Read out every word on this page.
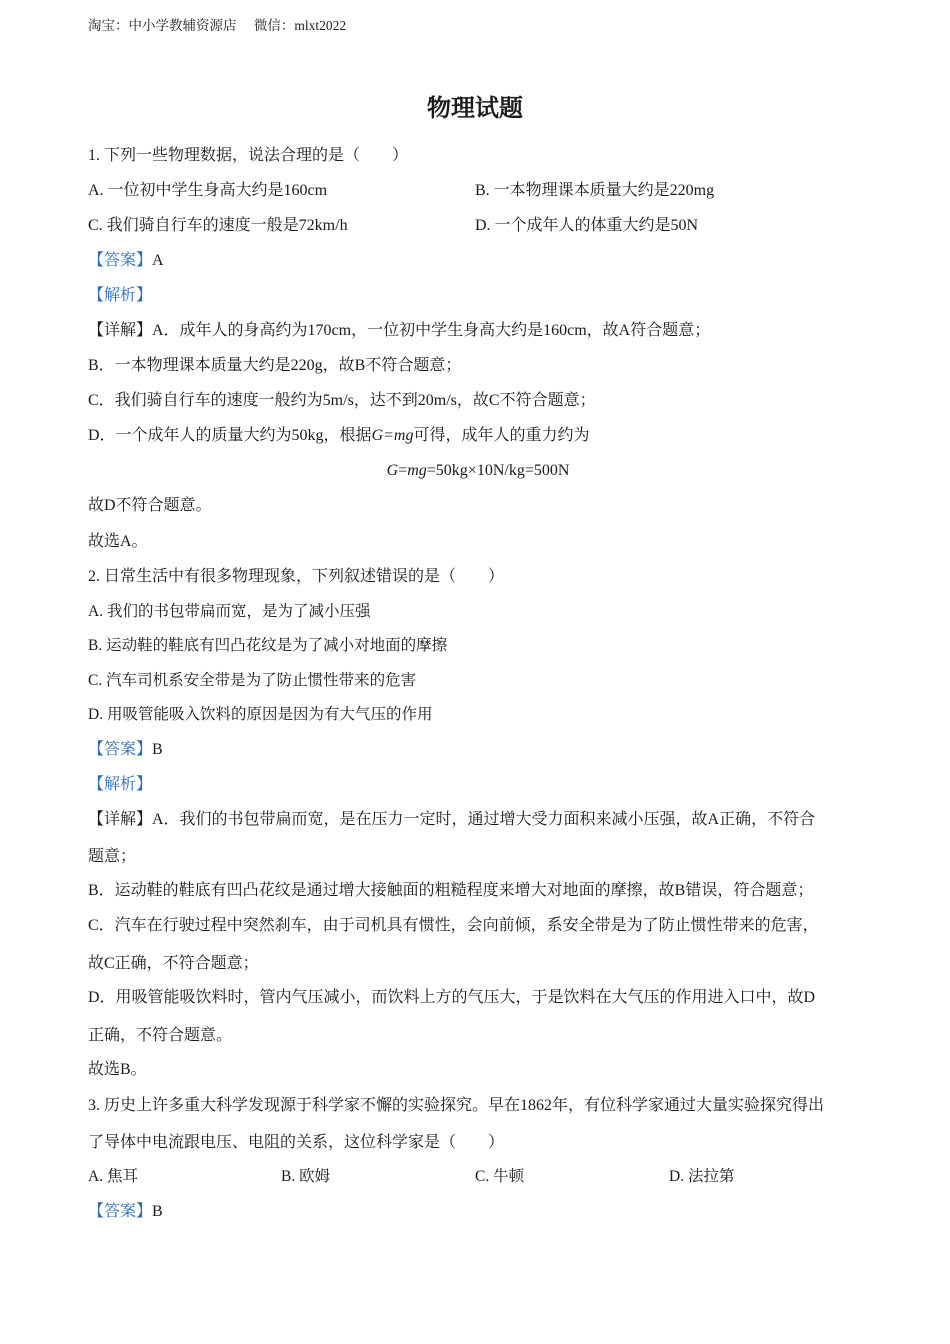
淘宝：中小学教辅资源店 微信：mlxt2022
物理试题
1. 下列一些物理数据，说法合理的是（　　）
A. 一位初中学生身高大约是160cm	B. 一本物理课本质量大约是220mg
C. 我们骑自行车的速度一般是72km/h	D. 一个成年人的体重大约是50N
【答案】A
【解析】
【详解】A．成年人的身高约为170cm，一位初中学生身高大约是160cm，故A符合题意；
B．一本物理课本质量大约是220g，故B不符合题意；
C．我们骑自行车的速度一般约为5m/s，达不到20m/s，故C不符合题意；
D．一个成年人的质量大约为50kg，根据G=mg可得，成年人的重力约为
G=mg=50kg×10N/kg=500N
故D不符合题意。
故选A。
2. 日常生活中有很多物理现象，下列叙述错误的是（　　）
A. 我们的书包带扁而宽，是为了减小压强
B. 运动鞋的鞋底有凹凸花纹是为了减小对地面的摩擦
C. 汽车司机系安全带是为了防止惯性带来的危害
D. 用吸管能吸入饮料的原因是因为有大气压的作用
【答案】B
【解析】
【详解】A．我们的书包带扁而宽，是在压力一定时，通过增大受力面积来减小压强，故A正确，不符合
题意；
B．运动鞋的鞋底有凹凸花纹是通过增大接触面的粗糙程度来增大对地面的摩擦，故B错误，符合题意；
C．汽车在行驶过程中突然刹车，由于司机具有惯性，会向前倾，系安全带是为了防止惯性带来的危害，
故C正确，不符合题意；
D．用吸管能吸饮料时，管内气压减小，而饮料上方的气压大，于是饮料在大气压的作用进入口中，故D
正确，不符合题意。
故选B。
3. 历史上许多重大科学发现源于科学家不懈的实验探究。早在1862年，有位科学家通过大量实验探究得出
了导体中电流跟电压、电阻的关系，这位科学家是（　　）
A. 焦耳	B. 欧姆	C. 牛顿	D. 法拉第
【答案】B
